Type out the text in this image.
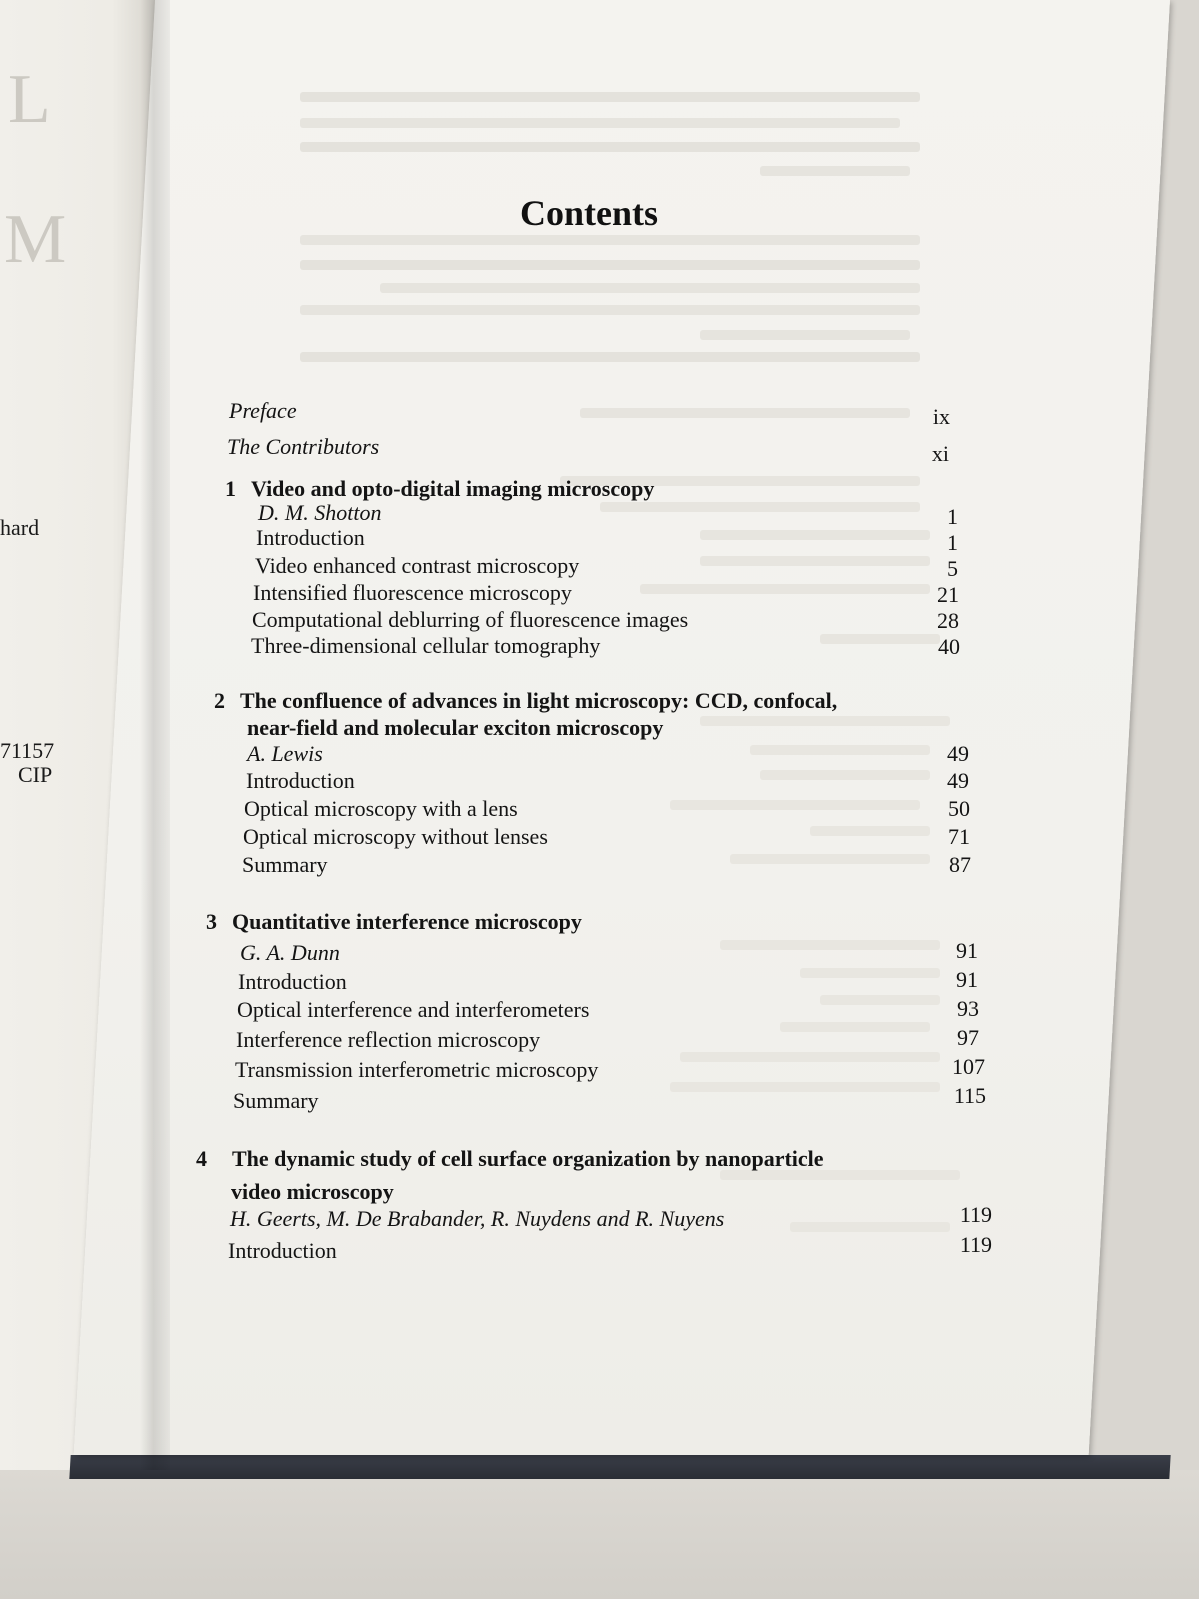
L
M
hard
71157
CIP
Contents
Preface	ix
The Contributors	xi
1 Video and opto-digital imaging microscopy
D. M. Shotton	1
Introduction	1
Video enhanced contrast microscopy	5
Intensified fluorescence microscopy	21
Computational deblurring of fluorescence images	28
Three-dimensional cellular tomography	40
2 The confluence of advances in light microscopy: CCD, confocal,
near-field and molecular exciton microscopy
A. Lewis	49
Introduction	49
Optical microscopy with a lens	50
Optical microscopy without lenses	71
Summary	87
3 Quantitative interference microscopy
G. A. Dunn	91
Introduction	91
Optical interference and interferometers	93
Interference reflection microscopy	97
Transmission interferometric microscopy	107
Summary	115
4 The dynamic study of cell surface organization by nanoparticle
video microscopy
H. Geerts, M. De Brabander, R. Nuydens and R. Nuyens	119
Introduction	119
